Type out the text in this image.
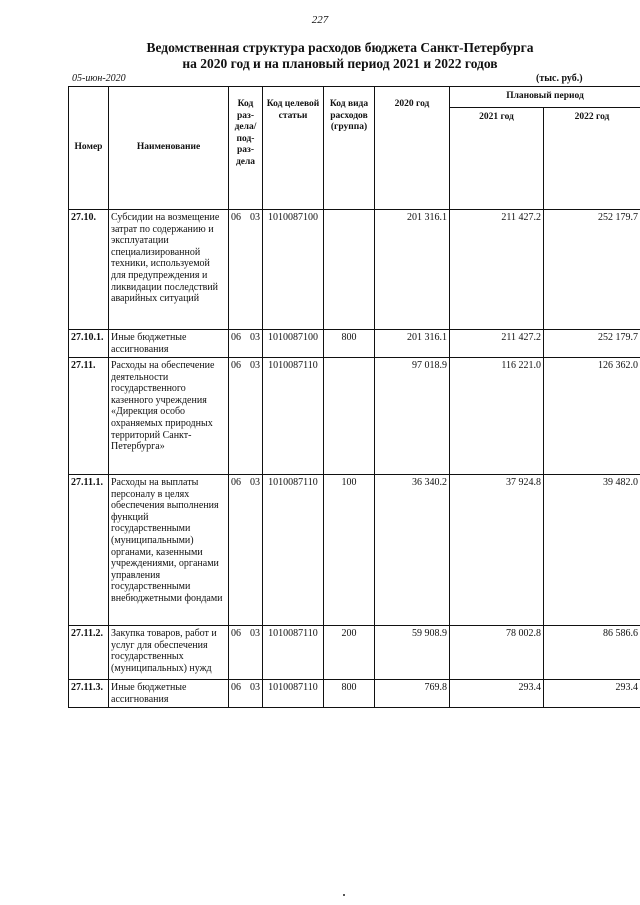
227
Ведомственная структура расходов бюджета Санкт-Петербурга
на 2020 год и на плановый период 2021 и 2022 годов
05-июн-2020	(тыс. руб.)
Номер	Наименование	Код раз- дела/ под- раз- дела	Код целевой статьи	Код вида расходов (группа)	2020 год	Плановый период	
						2021 год	2022 год
27.10.	Субсидии на возмещение затрат по содержанию и эксплуатации специализированной техники, используемой для предупреждения и ликвидации последствий аварийных ситуаций	06 03	1010087100		201 316.1	211 427.2	252 179.7
27.10.1.	Иные бюджетные ассигнования	06 03	1010087100	800	201 316.1	211 427.2	252 179.7
27.11.	Расходы на обеспечение деятельности государственного казенного учреждения «Дирекция особо охраняемых природных территорий Санкт-Петербурга»	06 03	1010087110		97 018.9	116 221.0	126 362.0
27.11.1.	Расходы на выплаты персоналу в целях обеспечения выполнения функций государственными (муниципальными) органами, казенными учреждениями, органами управления государственными внебюджетными фондами	06 03	1010087110	100	36 340.2	37 924.8	39 482.0
27.11.2.	Закупка товаров, работ и услуг для обеспечения государственных (муниципальных) нужд	06 03	1010087110	200	59 908.9	78 002.8	86 586.6
27.11.3.	Иные бюджетные ассигнования	06 03	1010087110	800	769.8	293.4	293.4
